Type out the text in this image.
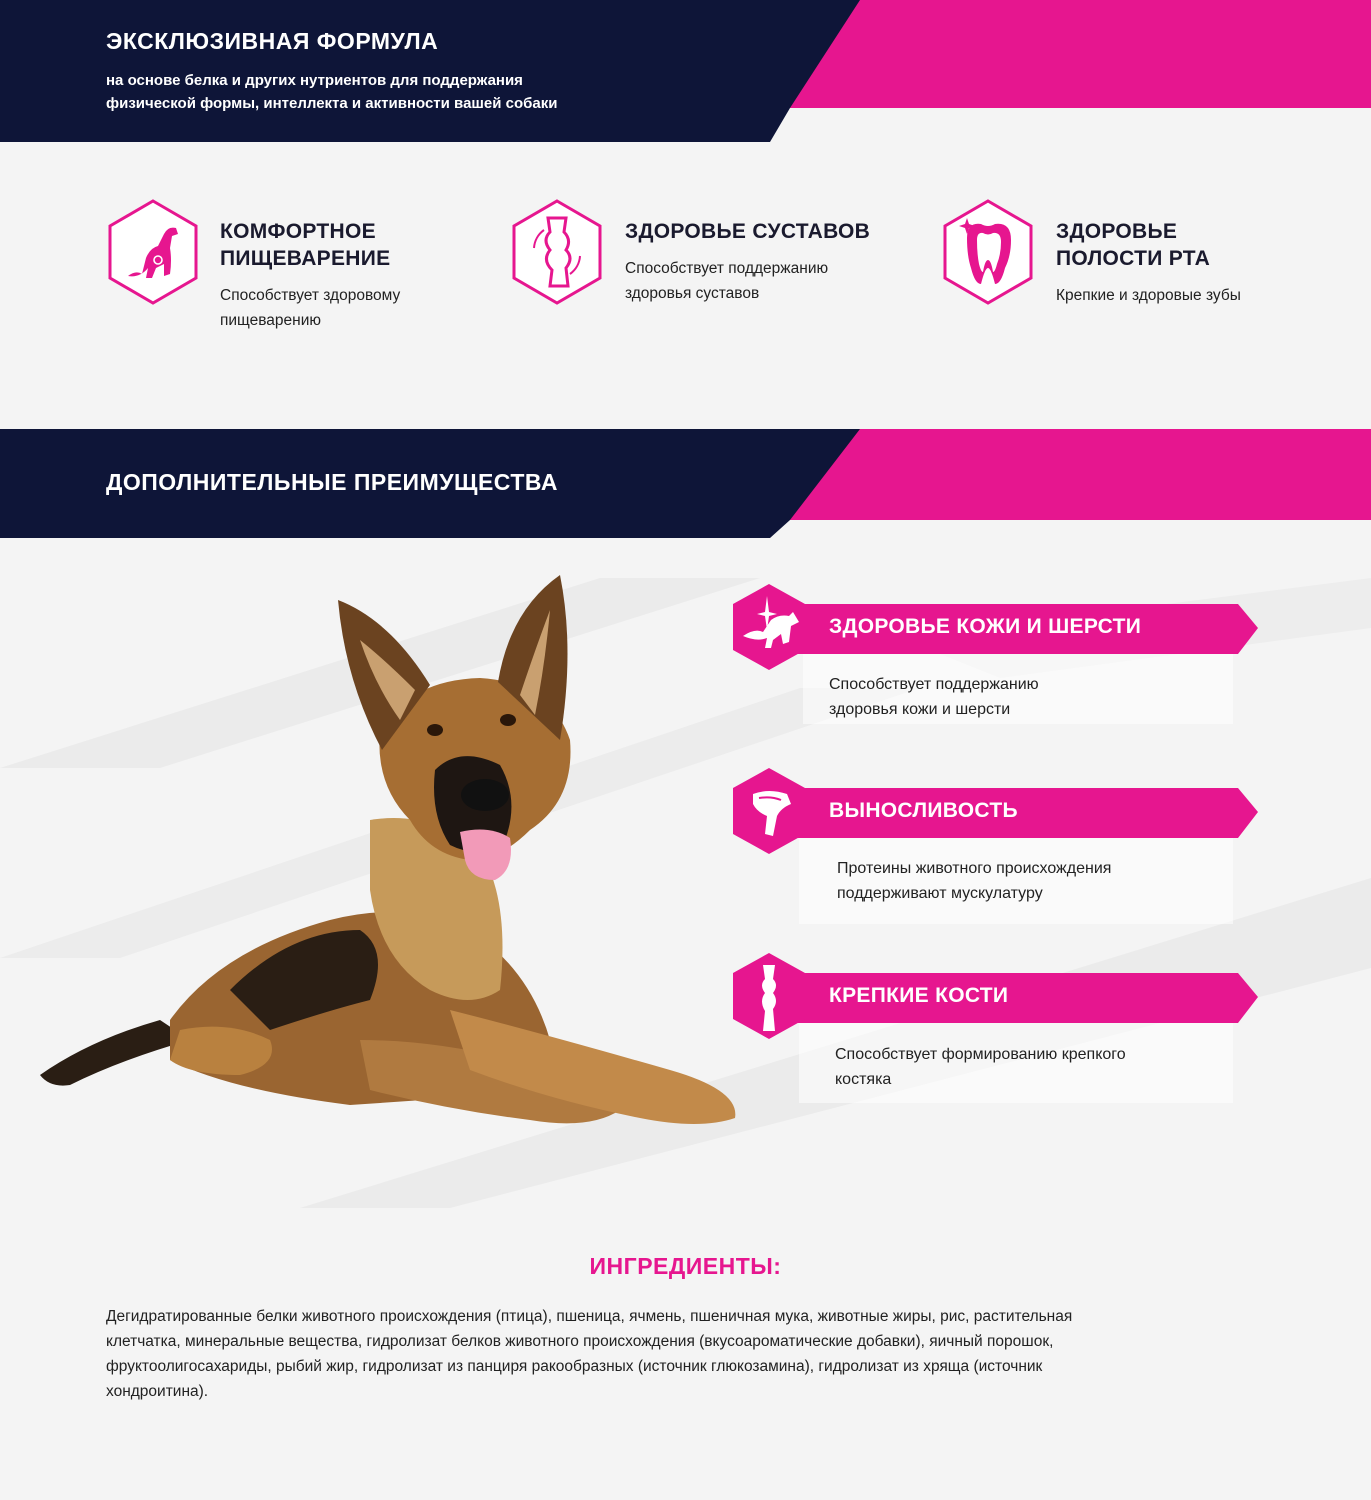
ЭКСКЛЮЗИВНАЯ ФОРМУЛА
на основе белка и других нутриентов для поддержания
физической формы, интеллекта и активности вашей собаки
КОМФОРТНОЕ
ПИЩЕВАРЕНИЕ
Способствует здоровому
пищеварению
ЗДОРОВЬЕ СУСТАВОВ
Способствует поддержанию
здоровья суставов
ЗДОРОВЬЕ
ПОЛОСТИ РТА
Крепкие и здоровые зубы
ДОПОЛНИТЕЛЬНЫЕ ПРЕИМУЩЕСТВА
ЗДОРОВЬЕ КОЖИ И ШЕРСТИ
Способствует поддержанию
здоровья кожи и шерсти
ВЫНОСЛИВОСТЬ
Протеины животного происхождения
поддерживают мускулатуру
КРЕПКИЕ КОСТИ
Способствует формированию крепкого
костяка
ИНГРЕДИЕНТЫ:
Дегидратированные белки животного происхождения (птица), пшеница, ячмень, пшеничная мука, животные жиры, рис, растительная
клетчатка, минеральные вещества, гидролизат белков животного происхождения (вкусоароматические добавки), яичный порошок,
фруктоолигосахариды, рыбий жир, гидролизат из панциря ракообразных (источник глюкозамина), гидролизат из хряща (источник
хондроитина).
